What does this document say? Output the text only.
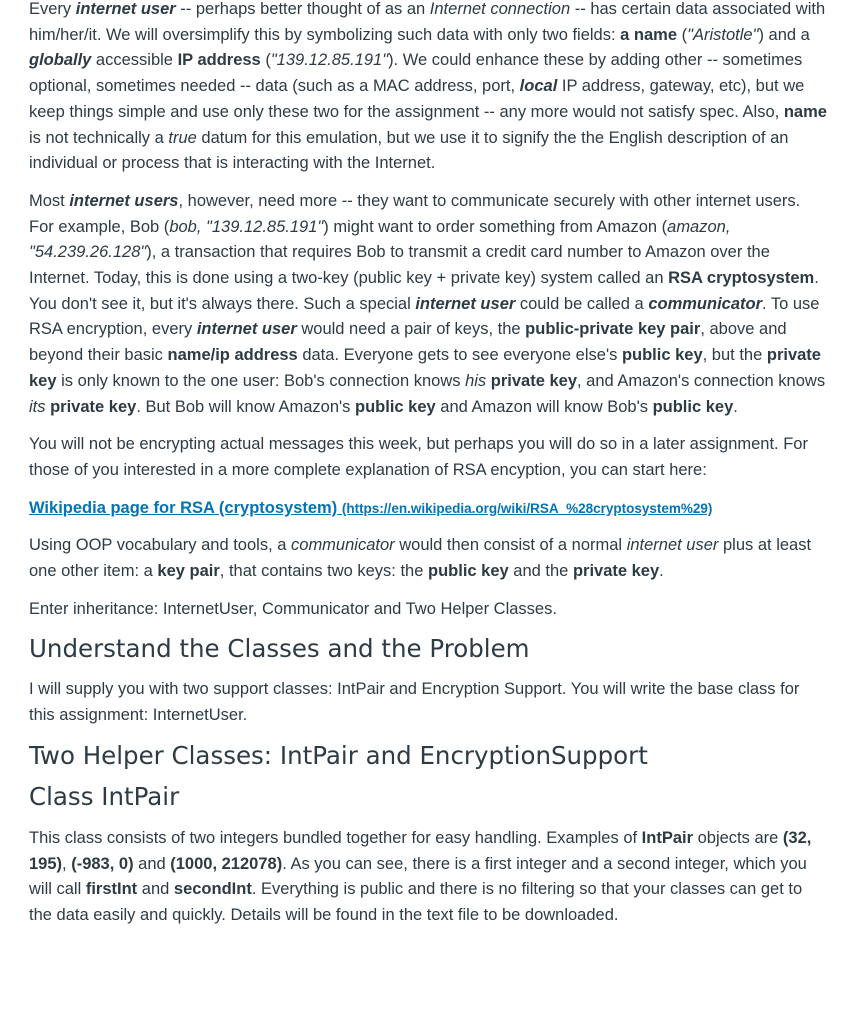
Every internet user -- perhaps better thought of as an Internet connection -- has certain data associated with him/her/it. We will oversimplify this by symbolizing such data with only two fields: a name ("Aristotle") and a globally accessible IP address ("139.12.85.191"). We could enhance these by adding other -- sometimes optional, sometimes needed -- data (such as a MAC address, port, local IP address, gateway, etc), but we keep things simple and use only these two for the assignment -- any more would not satisfy spec. Also, name is not technically a true datum for this emulation, but we use it to signify the the English description of an individual or process that is interacting with the Internet.

Most internet users, however, need more -- they want to communicate securely with other internet users. For example, Bob (bob, "139.12.85.191") might want to order something from Amazon (amazon, "54.239.26.128"), a transaction that requires Bob to transmit a credit card number to Amazon over the Internet. Today, this is done using a two-key (public key + private key) system called an RSA cryptosystem. You don't see it, but it's always there. Such a special internet user could be called a communicator. To use RSA encryption, every internet user would need a pair of keys, the public-private key pair, above and beyond their basic name/ip address data. Everyone gets to see everyone else's public key, but the private key is only known to the one user: Bob's connection knows his private key, and Amazon's connection knows its private key. But Bob will know Amazon's public key and Amazon will know Bob's public key.

You will not be encrypting actual messages this week, but perhaps you will do so in a later assignment. For those of you interested in a more complete explanation of RSA encyption, you can start here:

Wikipedia page for RSA (cryptosystem) (https://en.wikipedia.org/wiki/RSA_%28cryptosystem%29)

Using OOP vocabulary and tools, a communicator would then consist of a normal internet user plus at least one other item: a key pair, that contains two keys: the public key and the private key.

Enter inheritance: InternetUser, Communicator and Two Helper Classes.

Understand the Classes and the Problem

I will supply you with two support classes: IntPair and Encryption Support. You will write the base class for this assignment: InternetUser.

Two Helper Classes: IntPair and EncryptionSupport
Class IntPair

This class consists of two integers bundled together for easy handling. Examples of IntPair objects are (32, 195), (-983, 0) and (1000, 212078). As you can see, there is a first integer and a second integer, which you will call firstInt and secondInt. Everything is public and there is no filtering so that your classes can get to the data easily and quickly. Details will be found in the text file to be downloaded.
